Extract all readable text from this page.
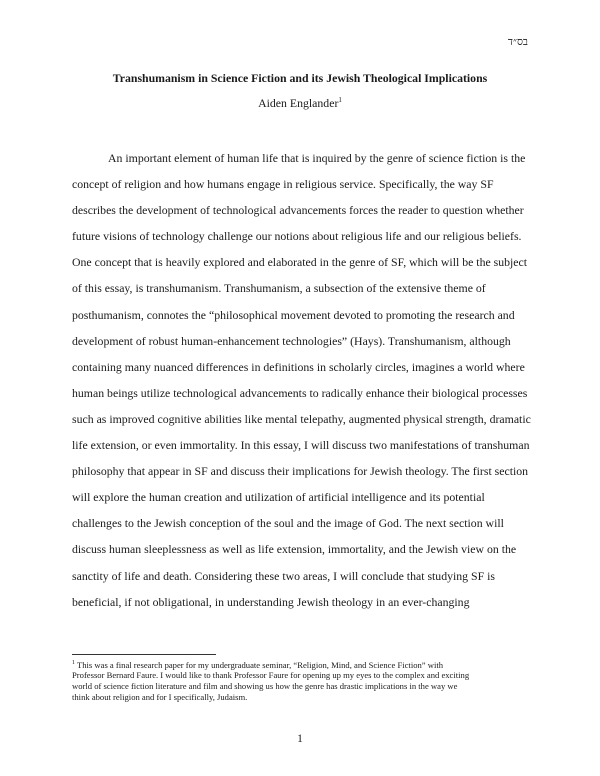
בס״ד
Transhumanism in Science Fiction and its Jewish Theological Implications
Aiden Englander$^1$
An important element of human life that is inquired by the genre of science fiction is the
concept of religion and how humans engage in religious service. Specifically, the way SF
describes the development of technological advancements forces the reader to question whether
future visions of technology challenge our notions about religious life and our religious beliefs.
One concept that is heavily explored and elaborated in the genre of SF, which will be the subject
of this essay, is transhumanism. Transhumanism, a subsection of the extensive theme of
posthumanism, connotes the “philosophical movement devoted to promoting the research and
development of robust human-enhancement technologies” (Hays). Transhumanism, although
containing many nuanced differences in definitions in scholarly circles, imagines a world where
human beings utilize technological advancements to radically enhance their biological processes
such as improved cognitive abilities like mental telepathy, augmented physical strength, dramatic
life extension, or even immortality. In this essay, I will discuss two manifestations of transhuman
philosophy that appear in SF and discuss their implications for Jewish theology. The first section
will explore the human creation and utilization of artificial intelligence and its potential
challenges to the Jewish conception of the soul and the image of God. The next section will
discuss human sleeplessness as well as life extension, immortality, and the Jewish view on the
sanctity of life and death. Considering these two areas, I will conclude that studying SF is
beneficial, if not obligational, in understanding Jewish theology in an ever-changing
$^1$ This was a final research paper for my undergraduate seminar, “Religion, Mind, and Science Fiction” with
Professor Bernard Faure. I would like to thank Professor Faure for opening up my eyes to the complex and exciting
world of science fiction literature and film and showing us how the genre has drastic implications in the way we
think about religion and for I specifically, Judaism.
1
